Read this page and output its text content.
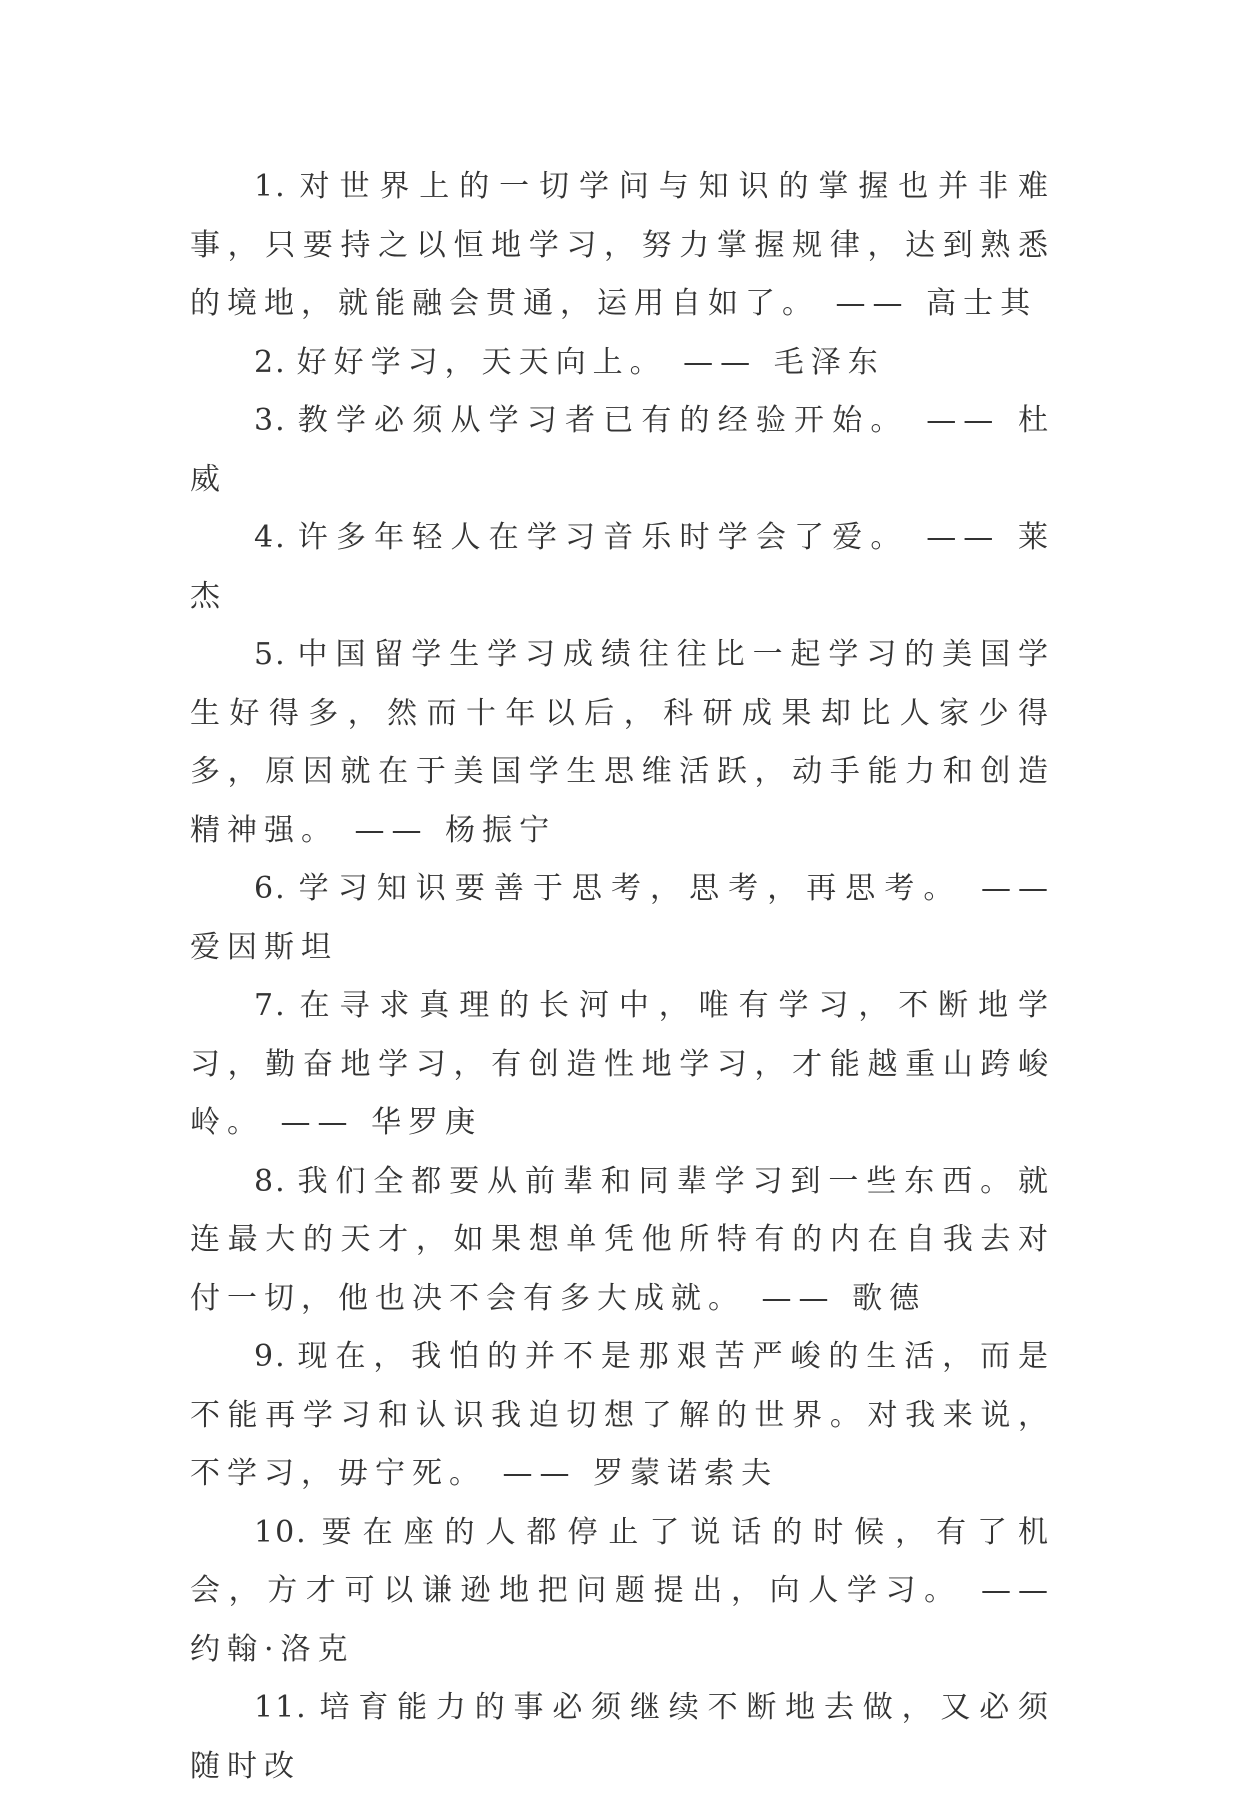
1. 对世界上的一切学问与知识的掌握也并非难事，只要持之以恒地学习，努力掌握规律，达到熟悉的境地，就能融会贯通，运用自如了。 —— 高士其

2. 好好学习，天天向上。 —— 毛泽东

3. 教学必须从学习者已有的经验开始。 —— 杜威

4. 许多年轻人在学习音乐时学会了爱。 —— 莱杰

5. 中国留学生学习成绩往往比一起学习的美国学生好得多，然而十年以后，科研成果却比人家少得多，原因就在于美国学生思维活跃，动手能力和创造精神强。 —— 杨振宁

6. 学习知识要善于思考，思考，再思考。 —— 爱因斯坦

7. 在寻求真理的长河中，唯有学习，不断地学习，勤奋地学习，有创造性地学习，才能越重山跨峻岭。 —— 华罗庚

8. 我们全都要从前辈和同辈学习到一些东西。就连最大的天才，如果想单凭他所特有的内在自我去对付一切，他也决不会有多大成就。 —— 歌德

9. 现在，我怕的并不是那艰苦严峻的生活，而是不能再学习和认识我迫切想了解的世界。对我来说，不学习，毋宁死。 —— 罗蒙诺索夫

10. 要在座的人都停止了说话的时候，有了机会，方才可以谦逊地把问题提出，向人学习。 —— 约翰·洛克

11. 培育能力的事必须继续不断地去做，又必须随时改
